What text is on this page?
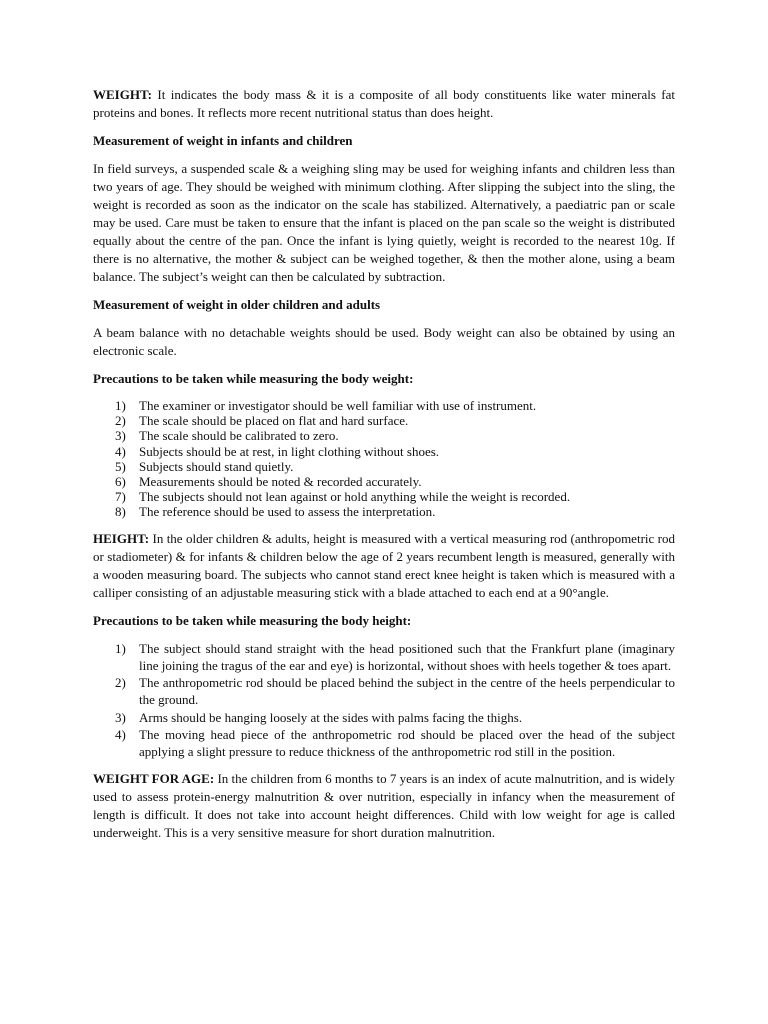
WEIGHT: It indicates the body mass & it is a composite of all body constituents like water minerals fat proteins and bones. It reflects more recent nutritional status than does height.

Measurement of weight in infants and children

In field surveys, a suspended scale & a weighing sling may be used for weighing infants and children less than two years of age. They should be weighed with minimum clothing. After slipping the subject into the sling, the weight is recorded as soon as the indicator on the scale has stabilized. Alternatively, a paediatric pan or scale may be used. Care must be taken to ensure that the infant is placed on the pan scale so the weight is distributed equally about the centre of the pan. Once the infant is lying quietly, weight is recorded to the nearest 10g. If there is no alternative, the mother & subject can be weighed together, & then the mother alone, using a beam balance. The subject’s weight can then be calculated by subtraction.

Measurement of weight in older children and adults

A beam balance with no detachable weights should be used. Body weight can also be obtained by using an electronic scale.

Precautions to be taken while measuring the body weight:

1) The examiner or investigator should be well familiar with use of instrument.
2) The scale should be placed on flat and hard surface.
3) The scale should be calibrated to zero.
4) Subjects should be at rest, in light clothing without shoes.
5) Subjects should stand quietly.
6) Measurements should be noted & recorded accurately.
7) The subjects should not lean against or hold anything while the weight is recorded.
8) The reference should be used to assess the interpretation.

HEIGHT: In the older children & adults, height is measured with a vertical measuring rod (anthropometric rod or stadiometer) & for infants & children below the age of 2 years recumbent length is measured, generally with a wooden measuring board. The subjects who cannot stand erect knee height is taken which is measured with a calliper consisting of an adjustable measuring stick with a blade attached to each end at a 90°angle.

Precautions to be taken while measuring the body height:

1) The subject should stand straight with the head positioned such that the Frankfurt plane (imaginary line joining the tragus of the ear and eye) is horizontal, without shoes with heels together & toes apart.
2) The anthropometric rod should be placed behind the subject in the centre of the heels perpendicular to the ground.
3) Arms should be hanging loosely at the sides with palms facing the thighs.
4) The moving head piece of the anthropometric rod should be placed over the head of the subject applying a slight pressure to reduce thickness of the anthropometric rod still in the position.

WEIGHT FOR AGE: In the children from 6 months to 7 years is an index of acute malnutrition, and is widely used to assess protein-energy malnutrition & over nutrition, especially in infancy when the measurement of length is difficult. It does not take into account height differences. Child with low weight for age is called underweight. This is a very sensitive measure for short duration malnutrition.
